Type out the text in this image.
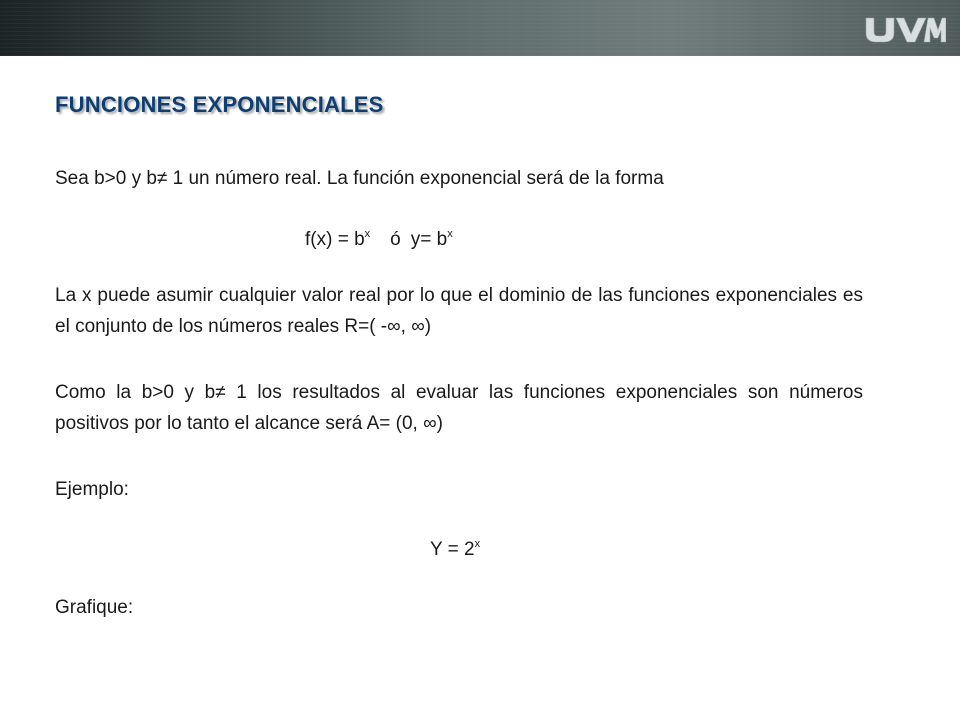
FUNCIONES EXPONENCIALES
Sea b>0 y b≠ 1 un número real. La función exponencial será de la forma
$f(x) = b^x$ ó $y= b^x$
La x puede asumir cualquier valor real por lo que el dominio de las funciones exponenciales es el conjunto de los números reales R=( -∞, ∞)
Como la b>0 y b≠ 1 los resultados al evaluar las funciones exponenciales son números positivos por lo tanto el alcance será A= (0, ∞)
Ejemplo:
$Y = 2^x$
Grafique:
